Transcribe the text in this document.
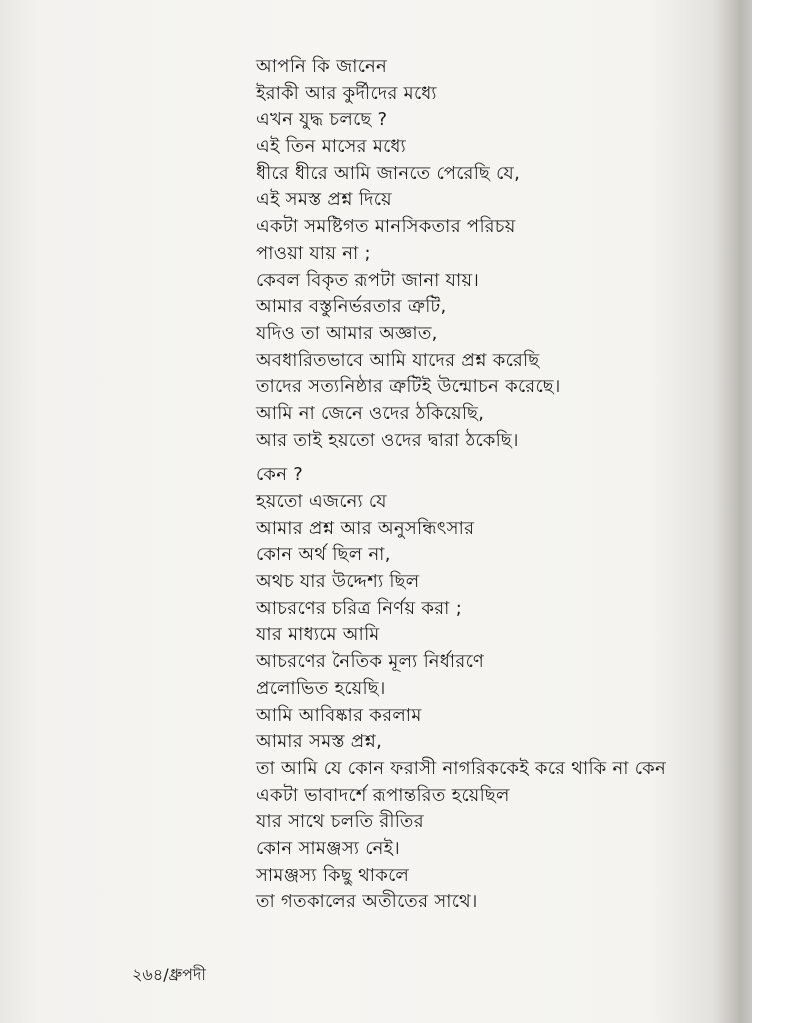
আপনি কি জানেন
ইরাকী আর কুর্দীদের মধ্যে
এখন যুদ্ধ চলছে ?
এই তিন মাসের মধ্যে
ধীরে ধীরে আমি জানতে পেরেছি যে,
এই সমস্ত প্রশ্ন দিয়ে
একটা সমষ্টিগত মানসিকতার পরিচয়
পাওয়া যায় না ;
কেবল বিকৃত রূপটা জানা যায়।
আমার বস্তুনির্ভরতার ত্রুটি,
যদিও তা আমার অজ্ঞাত,
অবধারিতভাবে আমি যাদের প্রশ্ন করেছি
তাদের সত্যনিষ্ঠার ত্রুটিই উন্মোচন করেছে।
আমি না জেনে ওদের ঠকিয়েছি,
আর তাই হয়তো ওদের দ্বারা ঠকেছি।
কেন ?
হয়তো এজন্যে যে
আমার প্রশ্ন আর অনুসন্ধিৎসার
কোন অর্থ ছিল না,
অথচ যার উদ্দেশ্য ছিল
আচরণের চরিত্র নির্ণয় করা ;
যার মাধ্যমে আমি
আচরণের নৈতিক মূল্য নির্ধারণে
প্রলোভিত হয়েছি।
আমি আবিষ্কার করলাম
আমার সমস্ত প্রশ্ন,
তা আমি যে কোন ফরাসী নাগরিককেই করে থাকি না কেন
একটা ভাবাদর্শে রূপান্তরিত হয়েছিল
যার সাথে চলতি রীতির
কোন সামঞ্জস্য নেই।
সামঞ্জস্য কিছু থাকলে
তা গতকালের অতীতের সাথে।
২৬৪/ধ্রুপদী
